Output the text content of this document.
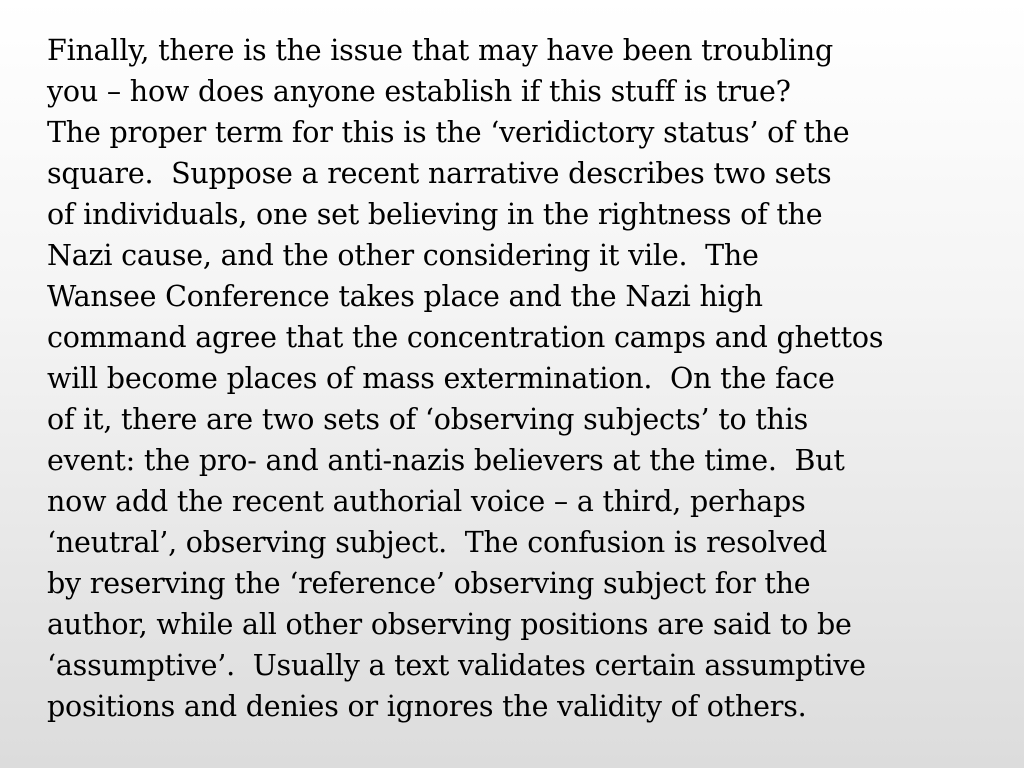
Finally, there is the issue that may have been troubling
you – how does anyone establish if this stuff is true?
The proper term for this is the ‘veridictory status’ of the
square.  Suppose a recent narrative describes two sets
of individuals, one set believing in the rightness of the
Nazi cause, and the other considering it vile.  The
Wansee Conference takes place and the Nazi high
command agree that the concentration camps and ghettos
will become places of mass extermination.  On the face
of it, there are two sets of ‘observing subjects’ to this
event: the pro- and anti-nazis believers at the time.  But
now add the recent authorial voice – a third, perhaps
‘neutral’, observing subject.  The confusion is resolved
by reserving the ‘reference’ observing subject for the
author, while all other observing positions are said to be
‘assumptive’.  Usually a text validates certain assumptive
positions and denies or ignores the validity of others.
